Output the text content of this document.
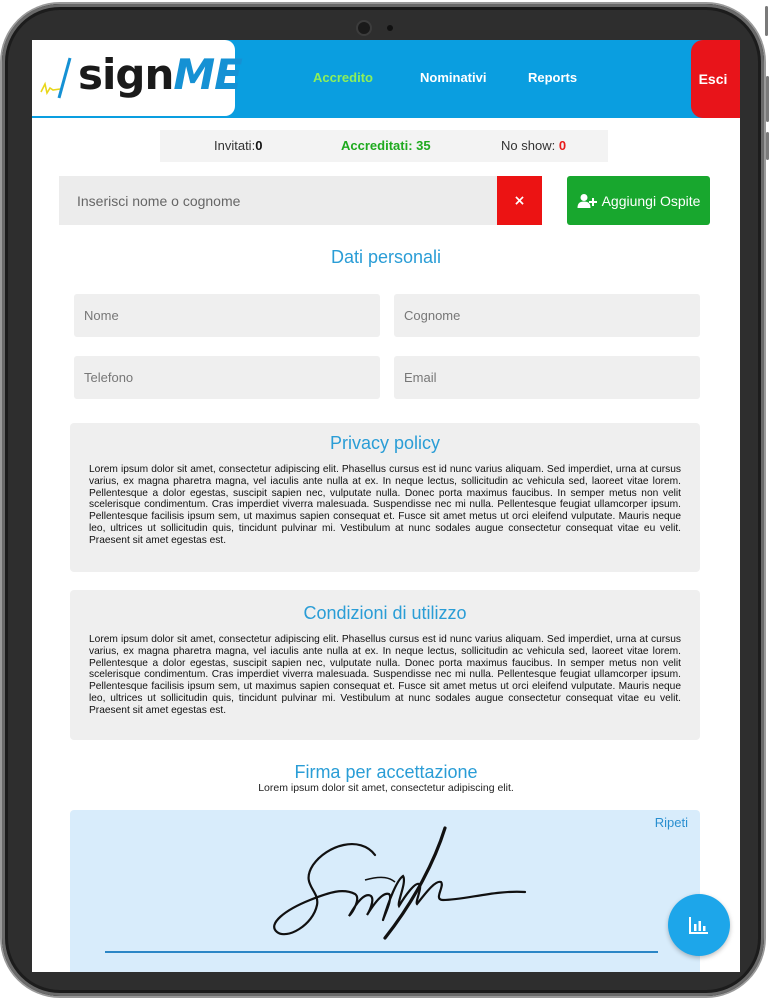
signME	Accredito	Nominativi	Reports	Esci
Invitati:0	Accreditati: 35	No show: 0
Inserisci nome o cognome
×	Aggiungi Ospite
Dati personali
Nome
Cognome
Telefono
Email
Privacy policy
Lorem ipsum dolor sit amet, consectetur adipiscing elit. Phasellus cursus est id nunc varius aliquam. Sed imperdiet, urna at cursus varius, ex magna pharetra magna, vel iaculis ante nulla at ex. In neque lectus, sollicitudin ac vehicula sed, laoreet vitae lorem. Pellentesque a dolor egestas, suscipit sapien nec, vulputate nulla. Donec porta maximus faucibus. In semper metus non velit scelerisque condimentum. Cras imperdiet viverra malesuada. Suspendisse nec mi nulla. Pellentesque feugiat ullamcorper ipsum. Pellentesque facilisis ipsum sem, ut maximus sapien consequat et. Fusce sit amet metus ut orci eleifend vulputate. Mauris neque leo, ultrices ut sollicitudin quis, tincidunt pulvinar mi. Vestibulum at nunc sodales augue consectetur consequat vitae eu velit. Praesent sit amet egestas est.
Condizioni di utilizzo
Lorem ipsum dolor sit amet, consectetur adipiscing elit. Phasellus cursus est id nunc varius aliquam. Sed imperdiet, urna at cursus varius, ex magna pharetra magna, vel iaculis ante nulla at ex. In neque lectus, sollicitudin ac vehicula sed, laoreet vitae lorem. Pellentesque a dolor egestas, suscipit sapien nec, vulputate nulla. Donec porta maximus faucibus. In semper metus non velit scelerisque condimentum. Cras imperdiet viverra malesuada. Suspendisse nec mi nulla. Pellentesque feugiat ullamcorper ipsum. Pellentesque facilisis ipsum sem, ut maximus sapien consequat et. Fusce sit amet metus ut orci eleifend vulputate. Mauris neque leo, ultrices ut sollicitudin quis, tincidunt pulvinar mi. Vestibulum at nunc sodales augue consectetur consequat vitae eu velit. Praesent sit amet egestas est.
Firma per accettazione
Lorem ipsum dolor sit amet, consectetur adipiscing elit.
Ripeti
